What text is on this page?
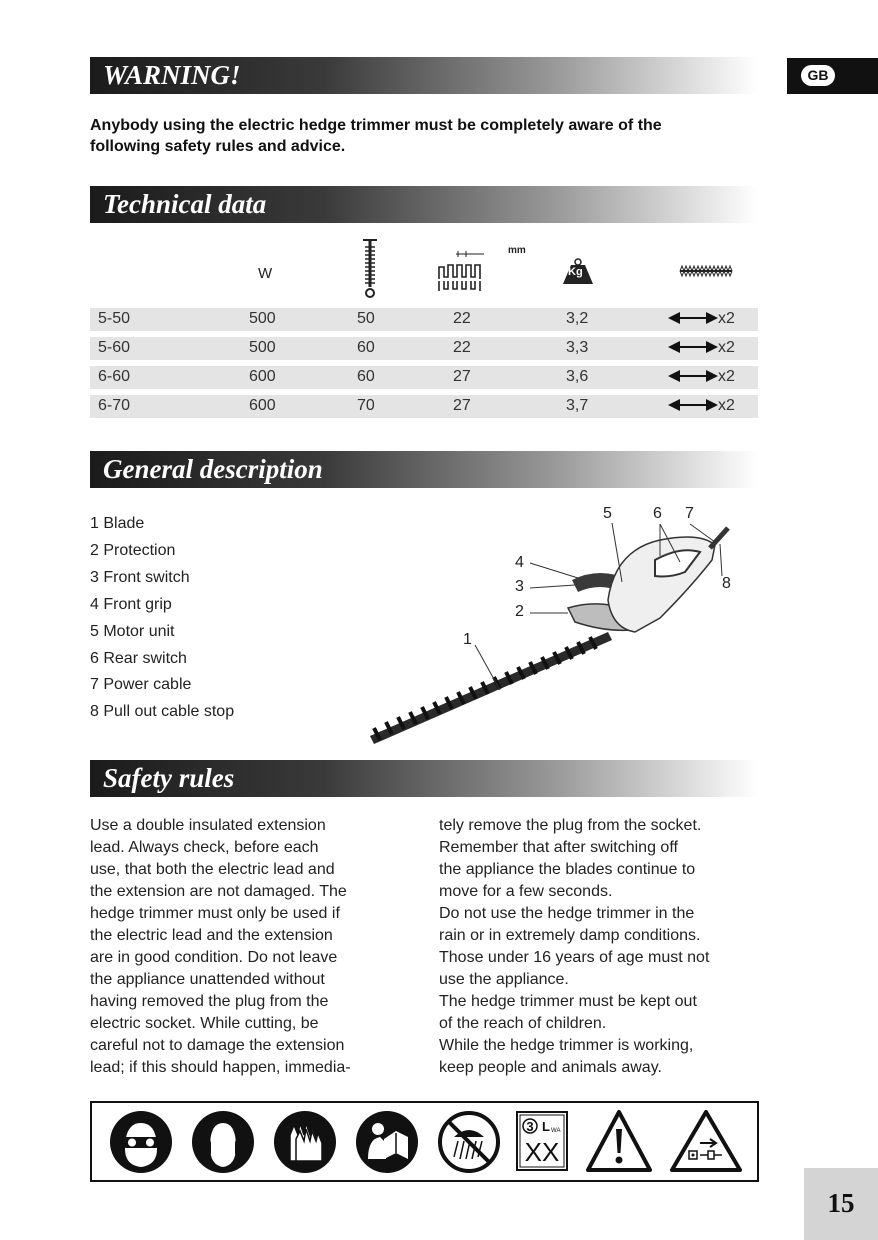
WARNING!	GB
Anybody using the electric hedge trimmer must be completely aware of the
following safety rules and advice.
Technical data
W
mm
Kg
5-50	500	50	22	3,2	x2
5-60	500	60	22	3,3	x2
6-60	600	60	27	3,6	x2
6-70	600	70	27	3,7	x2
General description
1 Blade
2 Protection
3 Front switch
4 Front grip
5 Motor unit
6 Rear switch
7 Power cable
8 Pull out cable stop
1
2
3
4
5	6 7
8
Safety rules
Use a double insulated extension
lead. Always check, before each
use, that both the electric lead and
the extension are not damaged. The
hedge trimmer must only be used if
the electric lead and the extension
are in good condition. Do not leave
the appliance unattended without
having removed the plug from the
electric socket. While cutting, be
careful not to damage the extension
lead; if this should happen, immedia-
tely remove the plug from the socket.
Remember that after switching off
the appliance the blades continue to
move for a few seconds.
Do not use the hedge trimmer in the
rain or in extremely damp conditions.
Those under 16 years of age must not
use the appliance.
The hedge trimmer must be kept out
of the reach of children.
While the hedge trimmer is working,
keep people and animals away.
3 L WA
XX
15
